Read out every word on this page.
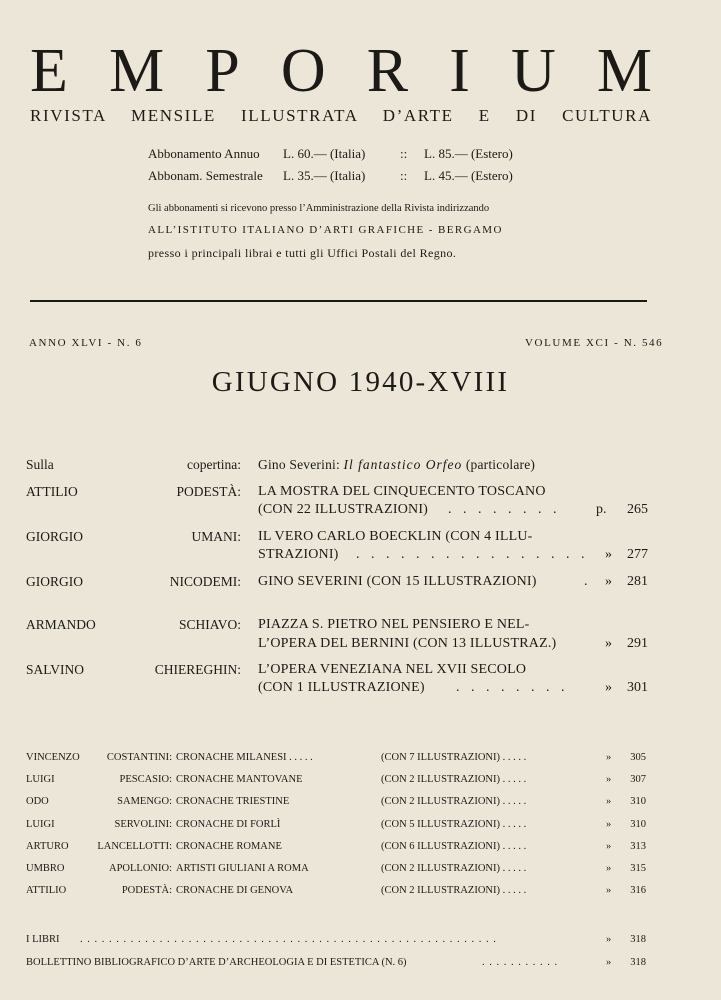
E M P O R I U M
RIVISTA MENSILE ILLUSTRATA D’ARTE E DI CULTURA
Abbonamento Annuo L. 60.— (Italia)	:: L. 85.— (Estero)
Abbonam. Semestrale L. 35.— (Italia)	:: L. 45.— (Estero)
Gli abbonamenti si ricevono presso l’Amministrazione della Rivista indirizzando
ALL’ISTITUTO ITALIANO D’ARTI GRAFICHE - BERGAMO
presso i principali librai e tutti gli Uffici Postali del Regno.
ANNO XLVI - N. 6	VOLUME XCI - N. 546
GIUGNO 1940-XVIII
Sulla copertina: Gino Severini: Il fantastico Orfeo (particolare)
ATTILIO PODESTÀ: LA MOSTRA DEL CINQUECENTO TOSCANO
(CON 22 ILLUSTRAZIONI) . . . . . . . .	p.	265
GIORGIO UMANI: IL VERO CARLO BOECKLIN (CON 4 ILLU-
STRAZIONI) . . . . . . . . . . . . . . . . »	277
GIORGIO NICODEMI: GINO SEVERINI (CON 15 ILLUSTRAZIONI)	. »	281
ARMANDO SCHIAVO: PIAZZA S. PIETRO NEL PENSIERO E NEL-
L’OPERA DEL BERNINI (CON 13 ILLUSTRAZ.)	»	291
SALVINO CHIEREGHIN: L’OPERA VENEZIANA NEL XVII SECOLO
(CON 1 ILLUSTRAZIONE) . . . . . . . .	»	301
VINCENZO COSTANTINI: CRONACHE MILANESI . . . . .	(CON 7 ILLUSTRAZIONI) . . . . .	» 305
LUIGI PESCASIO: CRONACHE MANTOVANE	(CON 2 ILLUSTRAZIONI) . . . . .	» 307
ODO SAMENGO: CRONACHE TRIESTINE	(CON 2 ILLUSTRAZIONI) . . . . .	» 310
LUIGI SERVOLINI: CRONACHE DI FORLÌ	(CON 5 ILLUSTRAZIONI) . . . . .	» 310
ARTURO LANCELLOTTI: CRONACHE ROMANE	(CON 6 ILLUSTRAZIONI) . . . . .	» 313
UMBRO APOLLONIO: ARTISTI GIULIANI A ROMA	(CON 2 ILLUSTRAZIONI) . . . . .	» 315
ATTILIO PODESTÀ: CRONACHE DI GENOVA	(CON 2 ILLUSTRAZIONI) . . . . .	» 316
I LIBRI . . . . . . . . . . . . . . . . . . . . . . . . . . . . . . . . . . . . . . . . . . . . . . . . . . . . . . . . . .	» 318
BOLLETTINO BIBLIOGRAFICO D’ARTE D’ARCHEOLOGIA E DI ESTETICA (N. 6)	. . . . . . . . . . .	» 318
